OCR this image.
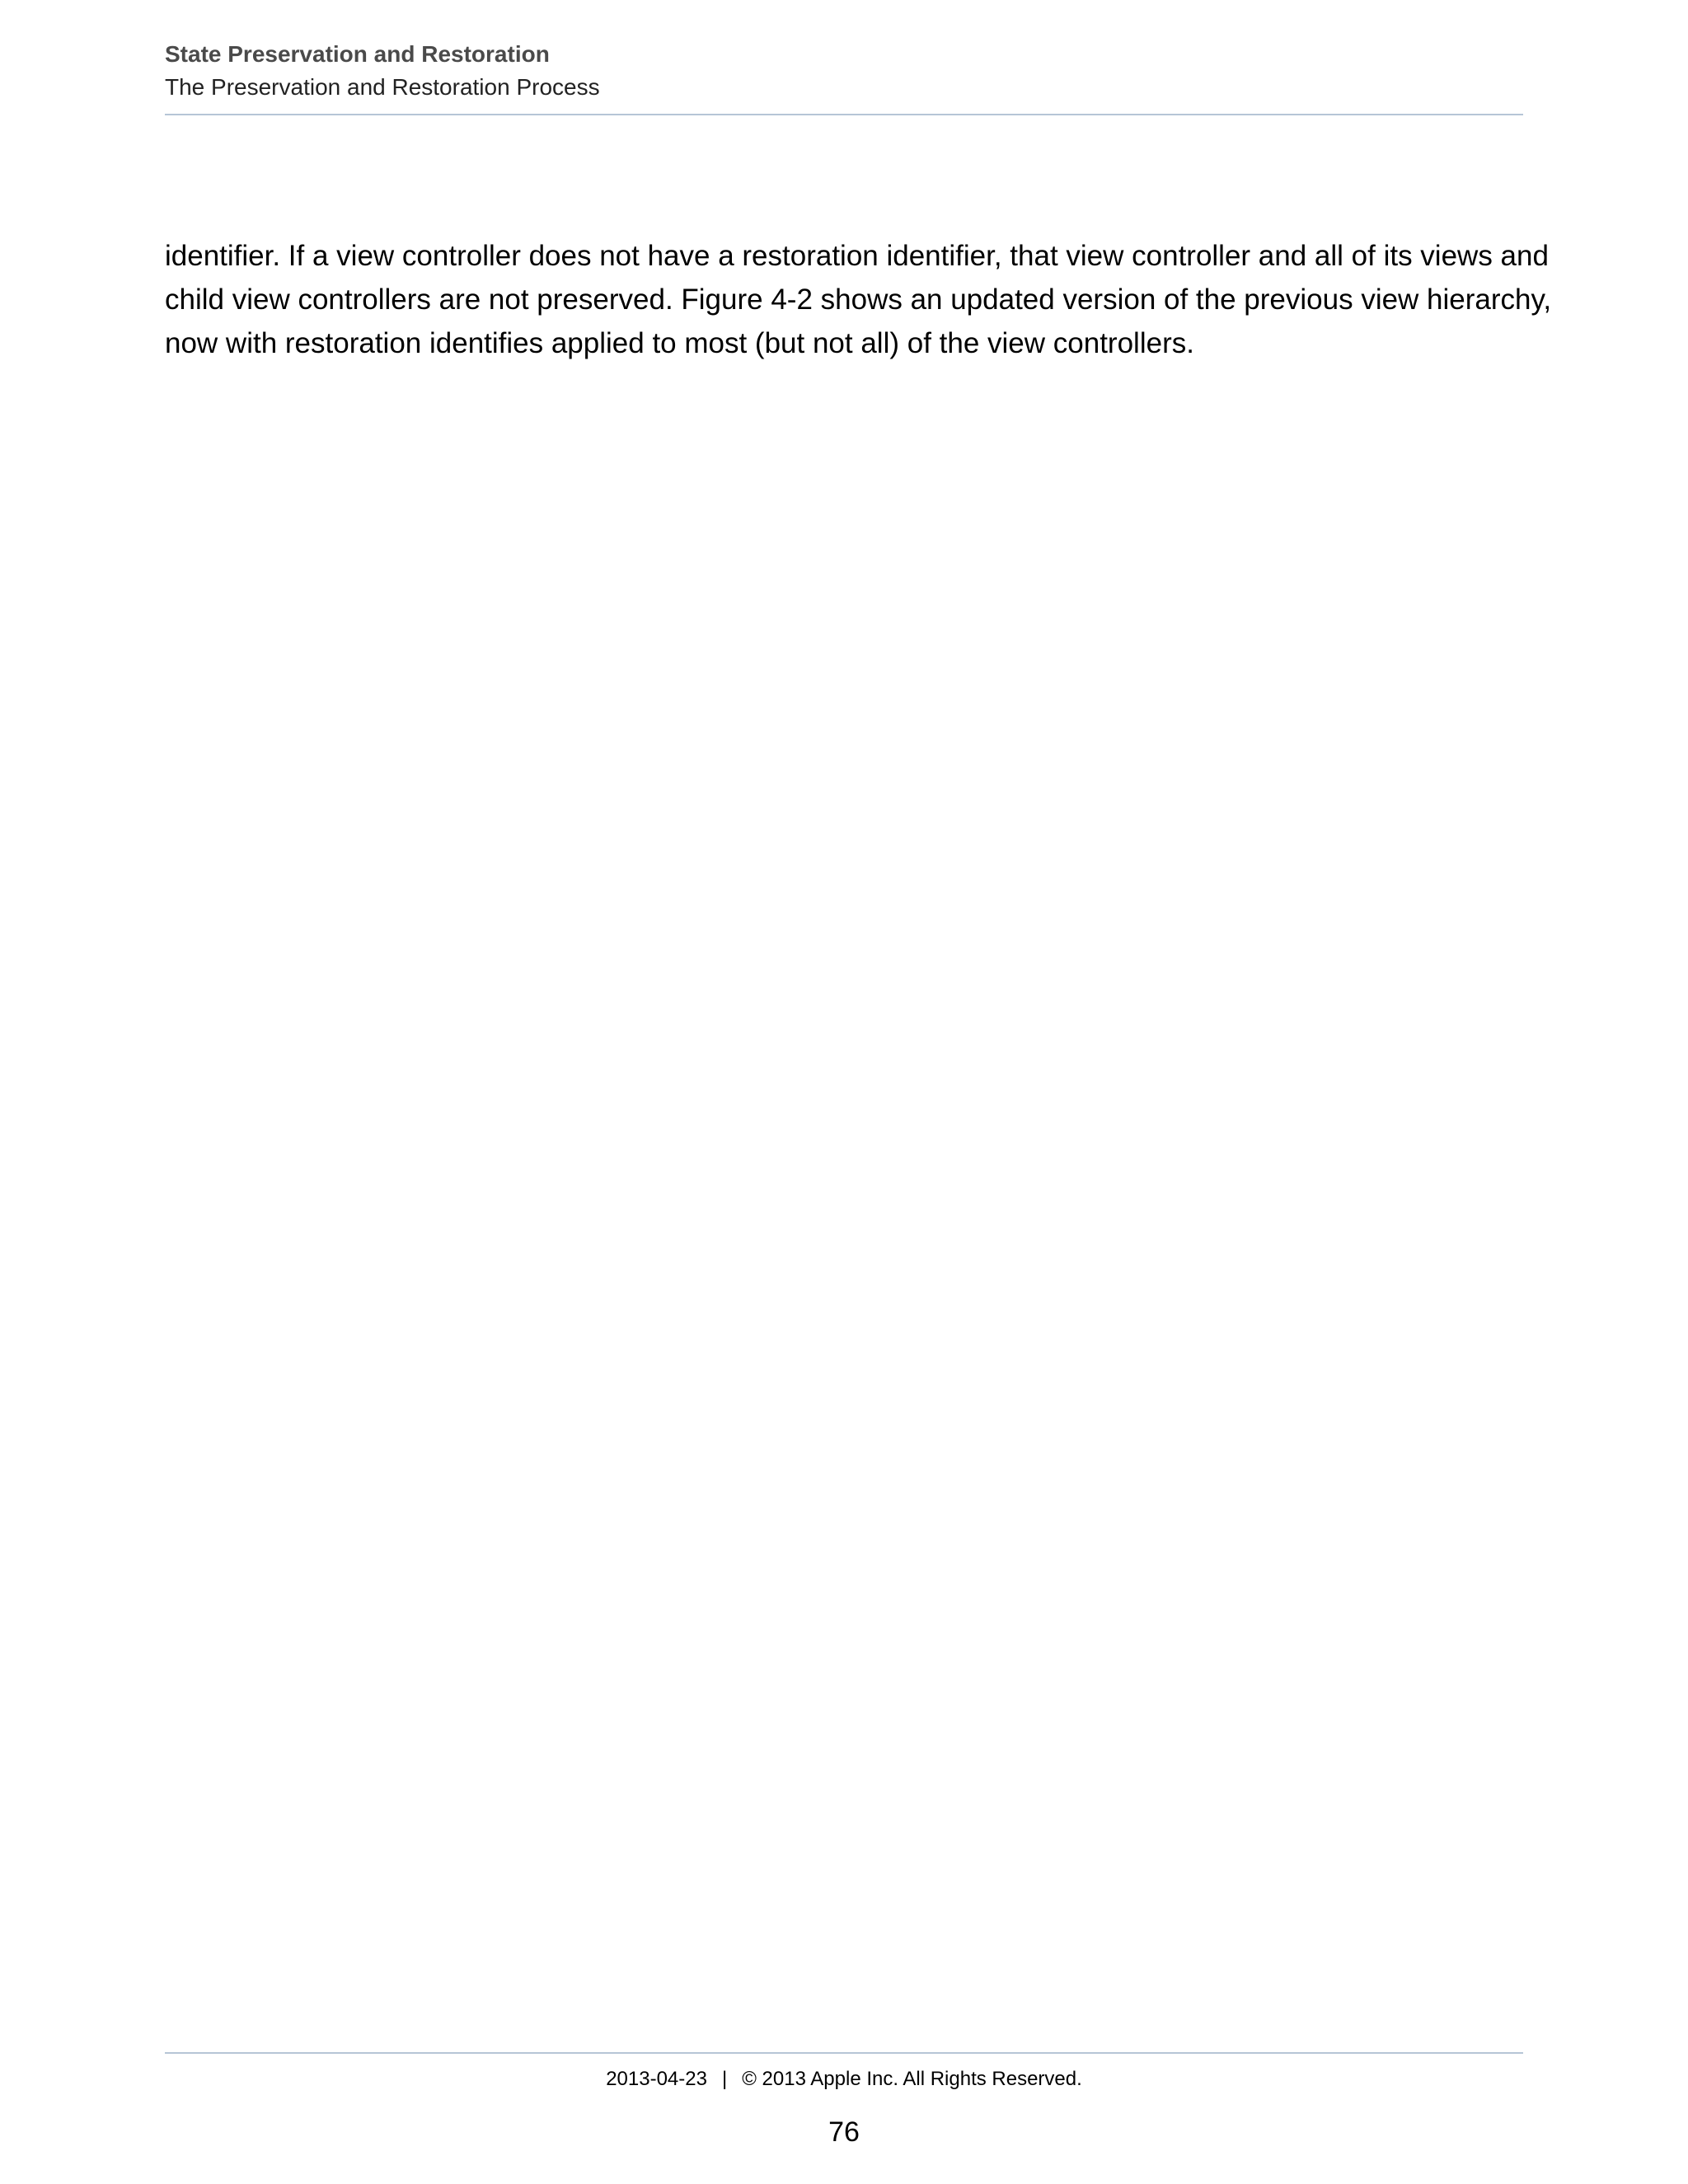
State Preservation and Restoration
The Preservation and Restoration Process
identifier. If a view controller does not have a restoration identifier, that view controller and all of its views and
child view controllers are not preserved. Figure 4-2 shows an updated version of the previous view hierarchy,
now with restoration identifies applied to most (but not all) of the view controllers.
2013-04-23 | © 2013 Apple Inc. All Rights Reserved.
76
